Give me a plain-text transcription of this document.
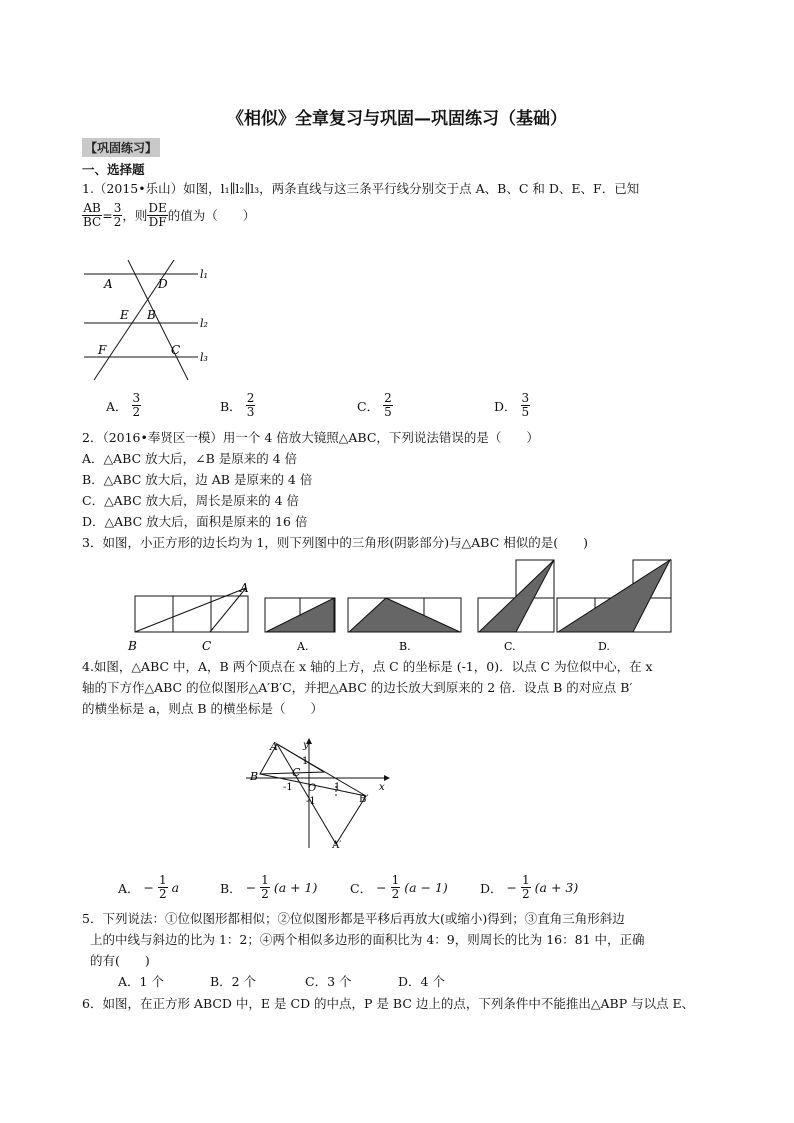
《相似》全章复习与巩固—巩固练习（基础）
【巩固练习】
一、选择题
1.（2015•乐山）如图，l₁∥l₂∥l₃，两条直线与这三条平行线分别交于点 A、B、C 和 D、E、F．已知
$\frac{AB}{BC} = \frac{3}{2}$ ，则 $\frac{DE}{DF}$ 的值为（　　）
l₁
l₂
l₃
A	D
E B
F	C
A． $\frac{3}{2}$	B． $\frac{2}{3}$	C． $\frac{2}{5}$	D． $\frac{3}{5}$
2．（2016•奉贤区一模）用一个 4 倍放大镜照△ABC，下列说法错误的是（　　）
A．△ABC 放大后，∠B 是原来的 4 倍
B．△ABC 放大后，边 AB 是原来的 4 倍
C．△ABC 放大后，周长是原来的 4 倍
D．△ABC 放大后，面积是原来的 16 倍
3．如图，小正方形的边长均为 1，则下列图中的三角形(阴影部分)与△ABC 相似的是(　　)
A
B	C	A.	B.	C.	D.
4.如图，△ABC 中，A，B 两个顶点在 x 轴的上方，点 C 的坐标是 (-1，0)．以点 C 为位似中心，在 x
轴的下方作△ABC 的位似图形△A′B′C，并把△ABC 的边长放大到原来的 2 倍．设点 B 的对应点 B′
的横坐标是 a，则点 B 的横坐标是（　　）
y
x
1
A
B	C
O
-1	1
-1	B′
A′
A． − $\frac{1}{2}$ a	B． − $\frac{1}{2} (a + 1)$	C． − $\frac{1}{2} (a - 1)$	D． − $\frac{1}{2} (a + 3)$
5．下列说法：①位似图形都相似；②位似图形都是平移后再放大(或缩小)得到；③直角三角形斜边
上的中线与斜边的比为 1：2；④两个相似多边形的面积比为 4：9，则周长的比为 16：81 中，正确
的有(　　)
A．1 个	B．2 个	C．3 个	D．4 个
6．如图，在正方形 ABCD 中，E 是 CD 的中点，P 是 BC 边上的点，下列条件中不能推出△ABP 与以点 E、
